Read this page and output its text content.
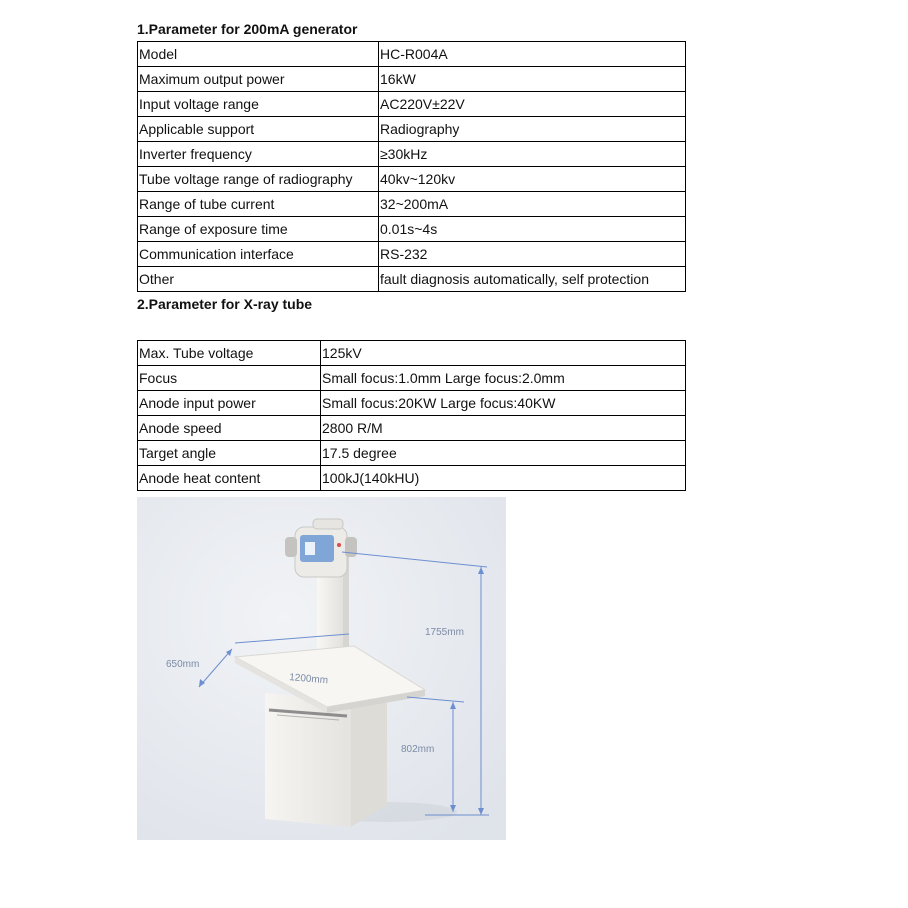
1.Parameter for 200mA generator
Model	HC-R004A
Maximum output power	16kW
Input voltage range	AC220V±22V
Applicable support	Radiography
Inverter frequency	≥30kHz
Tube voltage range of radiography	40kv~120kv
Range of tube current	32~200mA
Range of exposure time	0.01s~4s
Communication interface	RS-232
Other	fault diagnosis automatically, self protection
2.Parameter for X-ray tube
Max. Tube voltage	125kV
Focus	Small focus:1.0mm Large focus:2.0mm
Anode input power	Small focus:20KW Large focus:40KW
Anode speed	2800 R/M
Target angle	17.5 degree
Anode heat content	100kJ(140kHU)
1755mm
650mm
1200mm
802mm
